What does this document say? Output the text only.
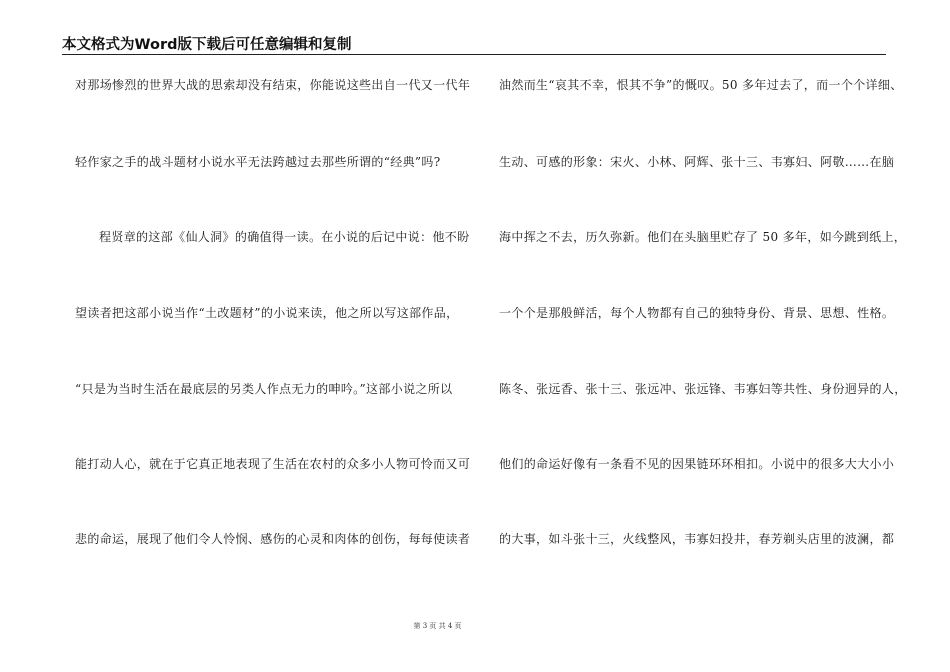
本文格式为Word版下载后可任意编辑和复制
对那场惨烈的世界大战的思索却没有结束，你能说这些出自一代又一代年
轻作家之手的战斗题材小说水平无法跨越过去那些所谓的“经典”吗?
程贤章的这部《仙人洞》的确值得一读。在小说的后记中说：他不盼
望读者把这部小说当作“土改题材”的小说来读，他之所以写这部作品，
“只是为当时生活在最底层的另类人作点无力的呻吟。”这部小说之所以
能打动人心，就在于它真正地表现了生活在农村的众多小人物可怜而又可
悲的命运，展现了他们令人怜悯、感伤的心灵和肉体的创伤，每每使读者
油然而生“哀其不幸，恨其不争”的慨叹。50 多年过去了，而一个个详细、
生动、可感的形象：宋火、小林、阿辉、张十三、韦寡妇、阿敬……在脑
海中挥之不去，历久弥新。他们在头脑里贮存了 50 多年，如今跳到纸上，
一个个是那般鲜活，每个人物都有自己的独特身份、背景、思想、性格。
陈冬、张远香、张十三、张远冲、张远锋、韦寡妇等共性、身份迥异的人，
他们的命运好像有一条看不见的因果链环环相扣。小说中的很多大大小小
的大事，如斗张十三，火线整风，韦寡妇投井，春芳剃头店里的波澜，都
第 3 页 共 4 页
